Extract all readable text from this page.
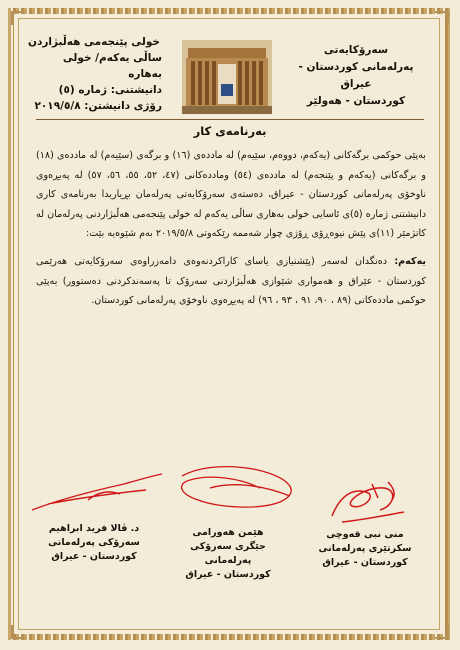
سەرۆکایەتی
پەرلەمانی کوردستان - عیراق
کوردستان - هەولێر
خولی پێنجەمی هەڵبژاردن
ساڵی یەکەم/ خولی بەهارە
دانیشتنی: ژمارە (٥)
رۆژی دانیشتن: ٢٠١٩/٥/٨
بەرنامەی کار

بەپێی حوکمی برگەکانی (یەکەم، دووەم، سێیەم) لە ماددەی (١٦) و برگەی (سێیەم) لە ماددەی (١٨) و برگەکانی (یەکەم و پێنجەم) لە ماددەی (٥٤) وماددەکانی (٤٧، ٥٢، ٥٥، ٥٦، ٥٧) لە پەیڕەوی ناوخۆی پەرلەمانی کوردستان - عیراق، دەستەی سەرۆکایەتی پەرلەمان بڕیاریدا بەرنامەی کاری دانیشتنی ژمارە (٥)ی ئاسایی خولی بەهاری ساڵی یەکەم لە خولی پێنجەمی هەڵبژاردنی پەرلەمان لە کاتژمێر (١١)ی پێش نیوەڕۆی ڕۆژی چوار شەممە رێکەوتی ٢٠١٩/٥/٨ بەم شێوەیە بێت:

یەکەم: دەنگدان لەسەر (پێشنیازی یاسای کاراکردنەوەی دامەزراوەی سەرۆکایەتی هەرێمی کوردستان - عێراق و هەمواری شێوازی هەڵبژاردنی سەرۆک تا پەسەندکردنی دەستوور) بەپێی حوکمی ماددەکانی (٨٩ ، ٩٠، ٩١ ، ٩٣ ، ٩٦) لە پەیڕەوی ناوخۆی پەرلەمانی کوردستان.

د. ڤالا فرید ابراهیم
سەرۆکی پەرلەمانی
کوردستان - عیراق
هێمن هەورامی
جێگری سەرۆکی پەرلەمانی
کوردستان - عیراق
منی نبی قەوچی
سکرتێری پەرلەمانی
کوردستان - عیراق
